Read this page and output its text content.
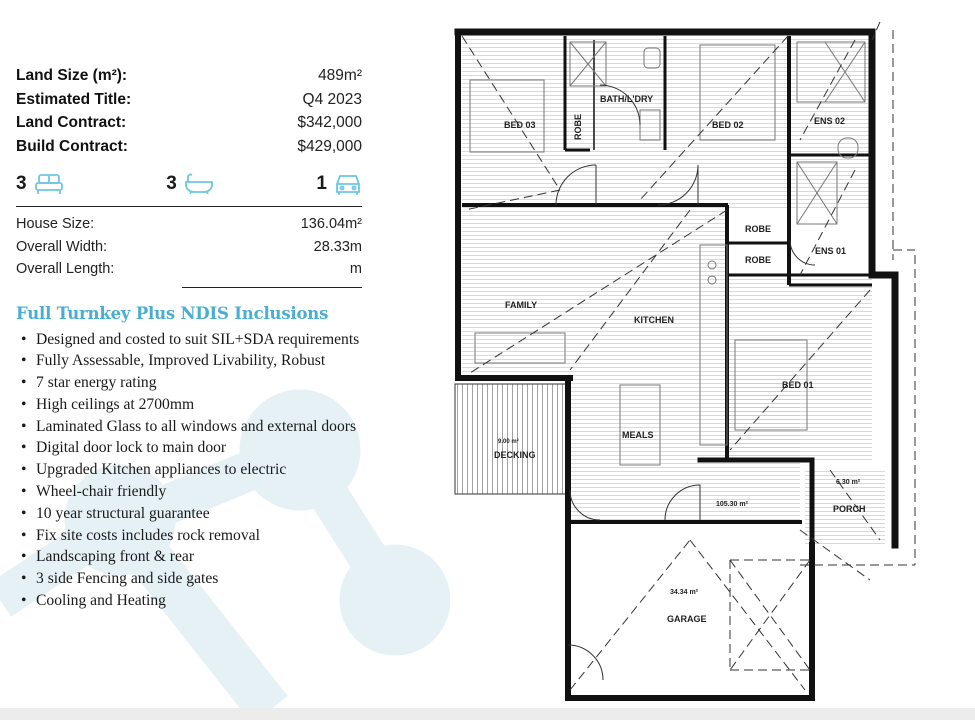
Land Size (m²):	489m²
Estimated Title:	Q4 2023
Land Contract:	$342,000
Build Contract:	$429,000
3	3	1
House Size:	136.04m²
Overall Width:	28.33m
Overall Length:	m
Full Turnkey Plus NDIS Inclusions
• Designed and costed to suit SIL+SDA requirements
• Fully Assessable, Improved Livability, Robust
• 7 star energy rating
• High ceilings at 2700mm
• Laminated Glass to all windows and external doors
• Digital door lock to main door
• Upgraded Kitchen appliances to electric
• Wheel-chair friendly
• 10 year structural guarantee
• Fix site costs includes rock removal
• Landscaping front & rear
• 3 side Fencing and side gates
• Cooling and Heating
BED 03	ROBE
BATH/L'DRY
BED 02	ENS 02
ROBE
ROBE
ENS 01
FAMILY
KITCHEN
BED 01
MEALS
9.00 m²
DECKING
105.30 m²
6.30 m²
PORCH
34.34 m²
GARAGE
